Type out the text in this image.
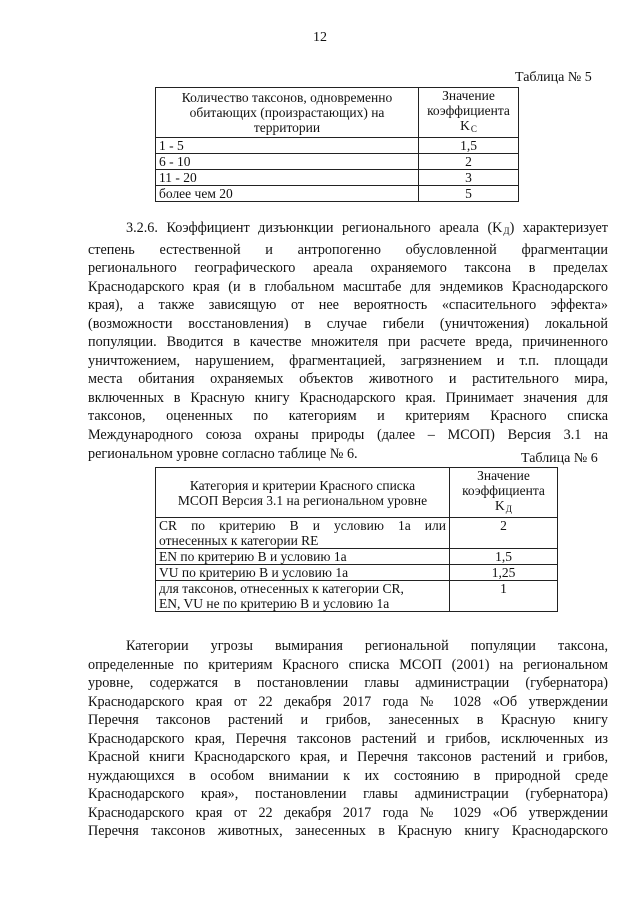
12
Таблица № 5
Количество таксонов, одновременно
обитающих (произрастающих) на
территории	Значение
коэффициента
$K_С$

1 - 5	1,5
6 - 10	2
11 - 20	3
более чем 20	5
3.2.6. Коэффициент дизъюнкции регионального ареала $(K_Д)$ характеризует
степень естественной и антропогенно обусловленной фрагментации
регионального географического ареала охраняемого таксона в пределах
Краснодарского края (и в глобальном масштабе для эндемиков Краснодарского
края), а также зависящую от нее вероятность «спасительного эффекта»
(возможности восстановления) в случае гибели (уничтожения) локальной
популяции. Вводится в качестве множителя при расчете вреда, причиненного
уничтожением, нарушением, фрагментацией, загрязнением и т.п. площади
места обитания охраняемых объектов животного и растительного мира,
включенных в Красную книгу Краснодарского края. Принимает значения для
таксонов, оцененных по категориям и критериям Красного списка
Международного союза охраны природы (далее – МСОП) Версия 3.1 на
региональном уровне согласно таблице № 6.	Таблица № 6
Категория и критерии Красного списка
МСОП Версия 3.1 на региональном уровне	Значение
коэффициента
$K_Д$

CR по критерию В и условию 1а или
отнесенных к категории RE	2

EN по критерию В и условию 1а	1,5

VU по критерию В и условию 1а	1,25

для таксонов, отнесенных к категории CR,
EN, VU не по критерию В и условию 1а	1
Категории угрозы вымирания региональной популяции таксона,
определенные по критериям Красного списка МСОП (2001) на региональном
уровне, содержатся в постановлении главы администрации (губернатора)
Краснодарского края от 22 декабря 2017 года № 1028 «Об утверждении
Перечня таксонов растений и грибов, занесенных в Красную книгу
Краснодарского края, Перечня таксонов растений и грибов, исключенных из
Красной книги Краснодарского края, и Перечня таксонов растений и грибов,
нуждающихся в особом внимании к их состоянию в природной среде
Краснодарского края», постановлении главы администрации (губернатора)
Краснодарского края от 22 декабря 2017 года № 1029 «Об утверждении
Перечня таксонов животных, занесенных в Красную книгу Краснодарского
